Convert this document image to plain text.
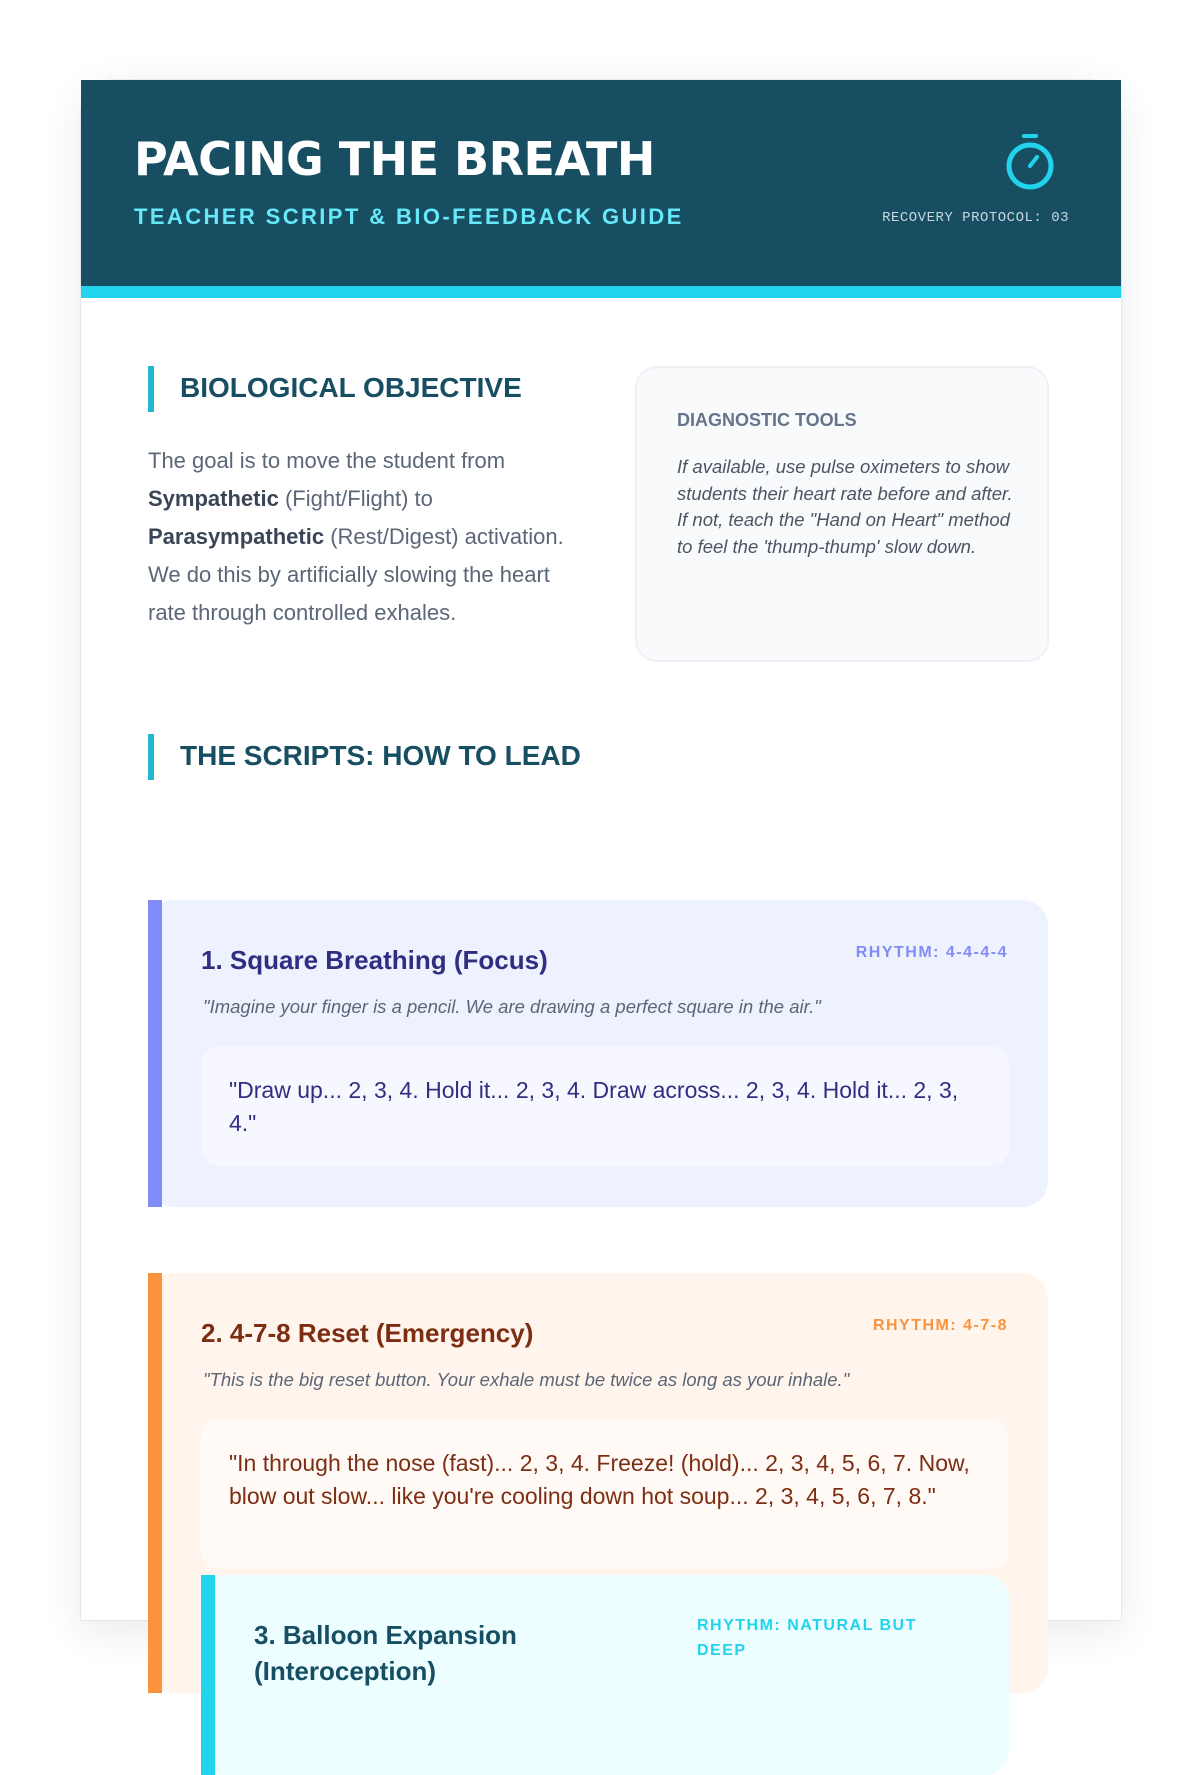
PACING THE BREATH
TEACHER SCRIPT & BIO-FEEDBACK GUIDE	RECOVERY PROTOCOL: 03
BIOLOGICAL OBJECTIVE

The goal is to move the student from Sympathetic (Fight/Flight) to Parasympathetic (Rest/Digest) activation. We do this by artificially slowing the heart rate through controlled exhales.

DIAGNOSTIC TOOLS
If available, use pulse oximeters to show students their heart rate before and after. If not, teach the "Hand on Heart" method to feel the 'thump-thump' slow down.
THE SCRIPTS: HOW TO LEAD
1. Square Breathing (Focus)	RHYTHM: 4-4-4-4
"Imagine your finger is a pencil. We are drawing a perfect square in the air."
"Draw up... 2, 3, 4. Hold it... 2, 3, 4. Draw across... 2, 3, 4. Hold it... 2, 3, 4."
2. 4-7-8 Reset (Emergency)	RHYTHM: 4-7-8
"This is the big reset button. Your exhale must be twice as long as your inhale."
"In through the nose (fast)... 2, 3, 4. Freeze! (hold)... 2, 3, 4, 5, 6, 7. Now, blow out slow... like you're cooling down hot soup... 2, 3, 4, 5, 6, 7, 8."
3. Balloon Expansion (Interoception)
RHYTHM: NATURAL BUT DEEP
